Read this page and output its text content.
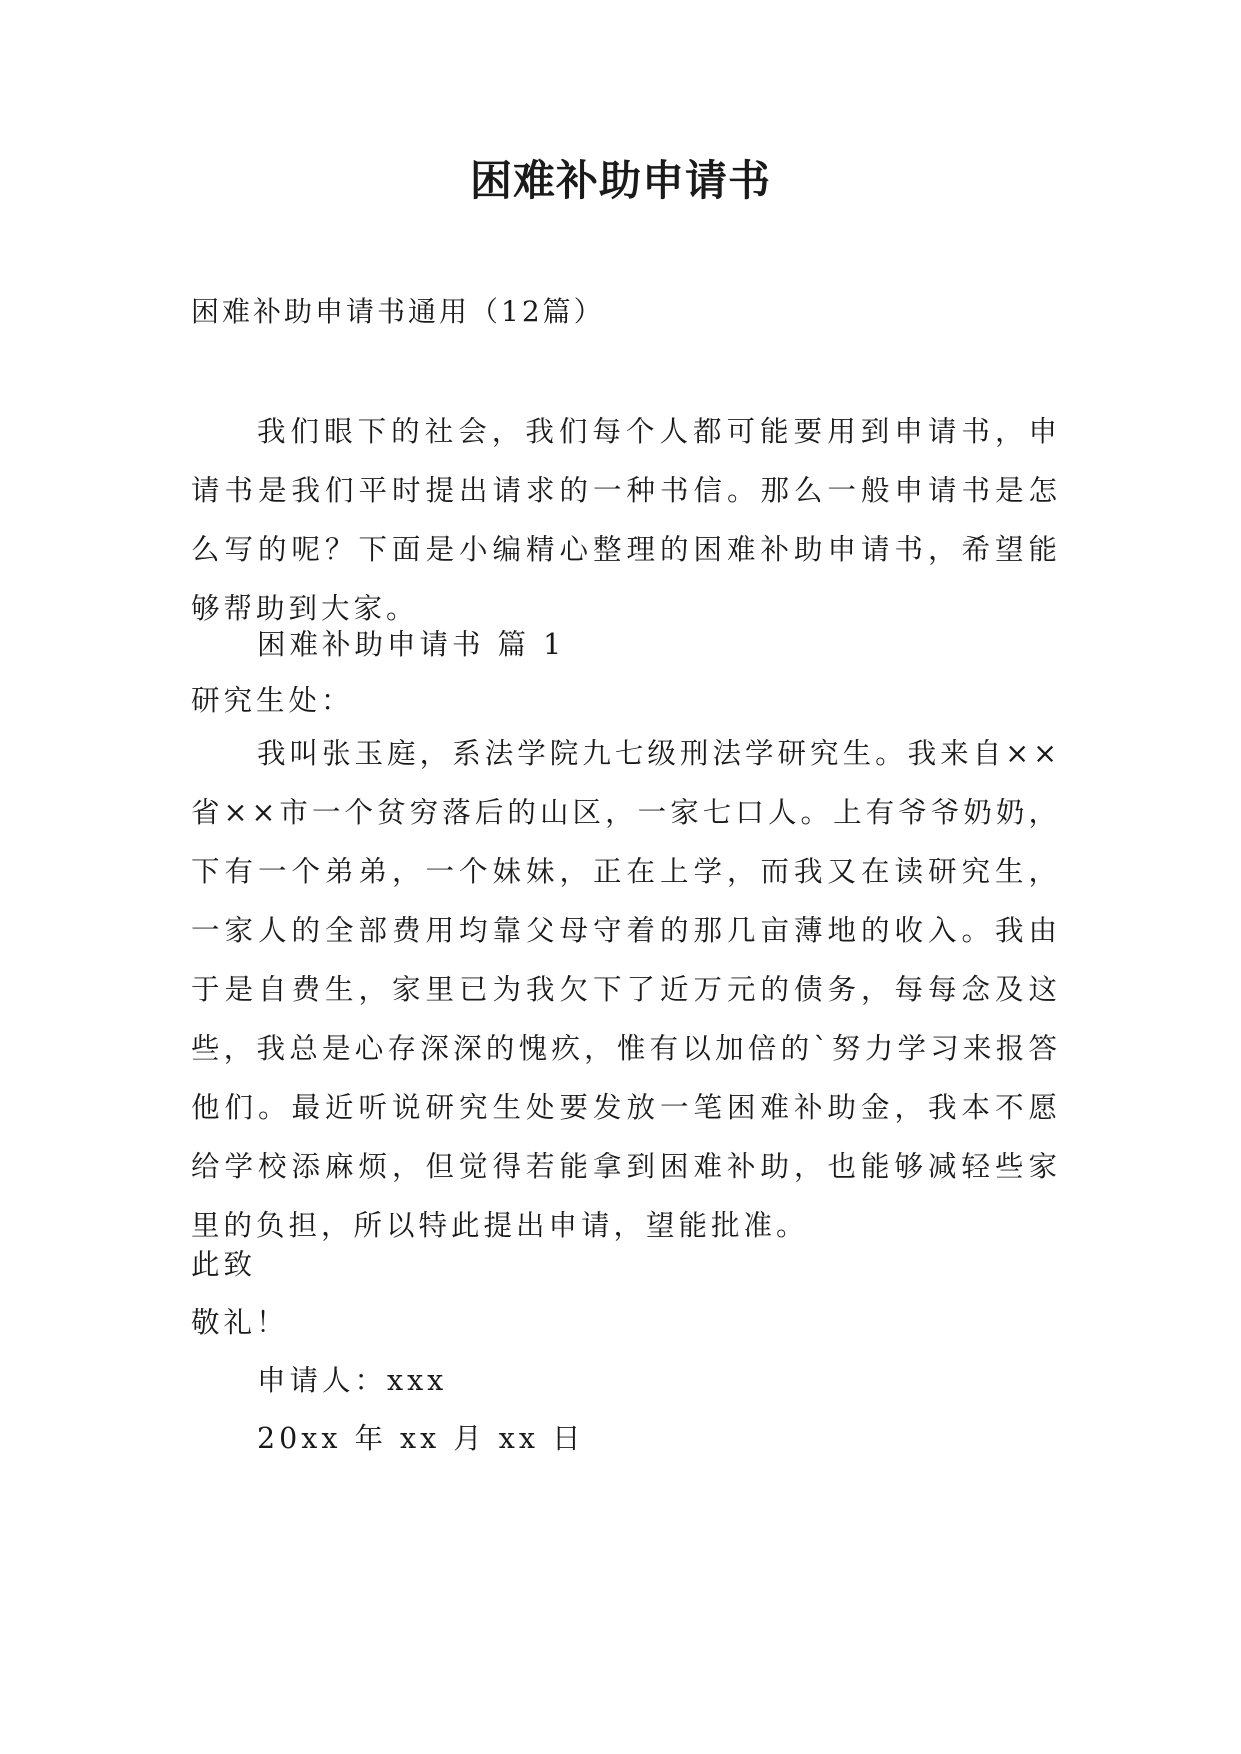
困难补助申请书
困难补助申请书通用（12篇）

我们眼下的社会，我们每个人都可能要用到申请书，申请书是我们平时提出请求的一种书信。那么一般申请书是怎么写的呢？下面是小编精心整理的困难补助申请书，希望能够帮助到大家。

困难补助申请书 篇 1
研究生处：

我叫张玉庭，系法学院九七级刑法学研究生。我来自××省××市一个贫穷落后的山区，一家七口人。上有爷爷奶奶，下有一个弟弟，一个妹妹，正在上学，而我又在读研究生，一家人的全部费用均靠父母守着的那几亩薄地的收入。我由于是自费生，家里已为我欠下了近万元的债务，每每念及这些，我总是心存深深的愧疚，惟有以加倍的`努力学习来报答他们。最近听说研究生处要发放一笔困难补助金，我本不愿给学校添麻烦，但觉得若能拿到困难补助，也能够减轻些家里的负担，所以特此提出申请，望能批准。

此致
敬礼！
申请人：xxx
20xx 年 xx 月 xx 日
